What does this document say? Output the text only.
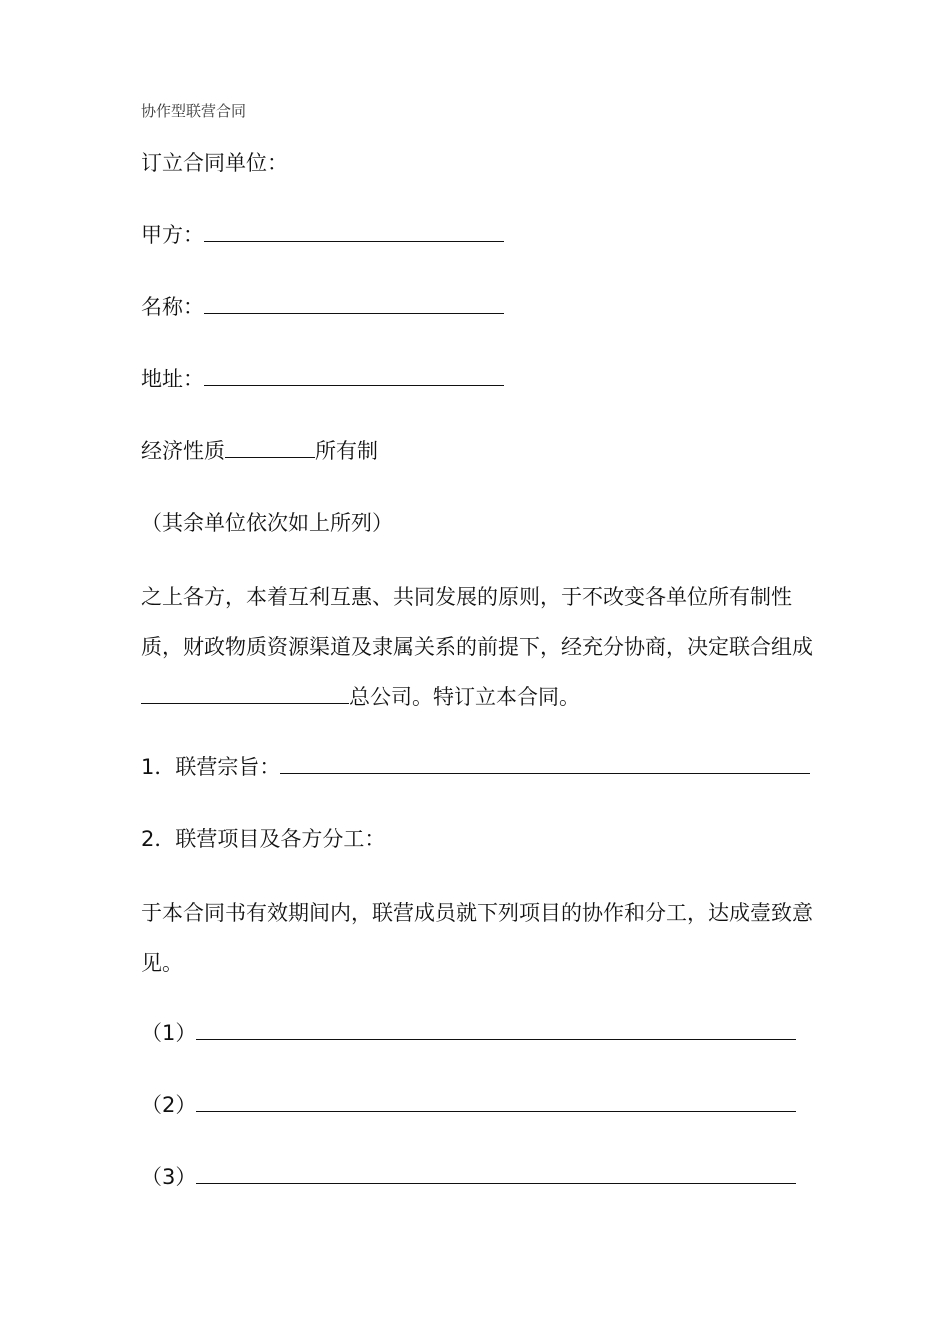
协作型联营合同
订立合同单位：
甲方：
名称：
地址：
经济性质	所有制
（其余单位依次如上所列）
之上各方，本着互利互惠、共同发展的原则，于不改变各单位所有制性质，财政物质资源渠道及隶属关系的前提下，经充分协商，决定联合组成总公司。特订立本合同。
1．联营宗旨：
2．联营项目及各方分工：
于本合同书有效期间内，联营成员就下列项目的协作和分工，达成壹致意见。
（1）
（2）
（3）
